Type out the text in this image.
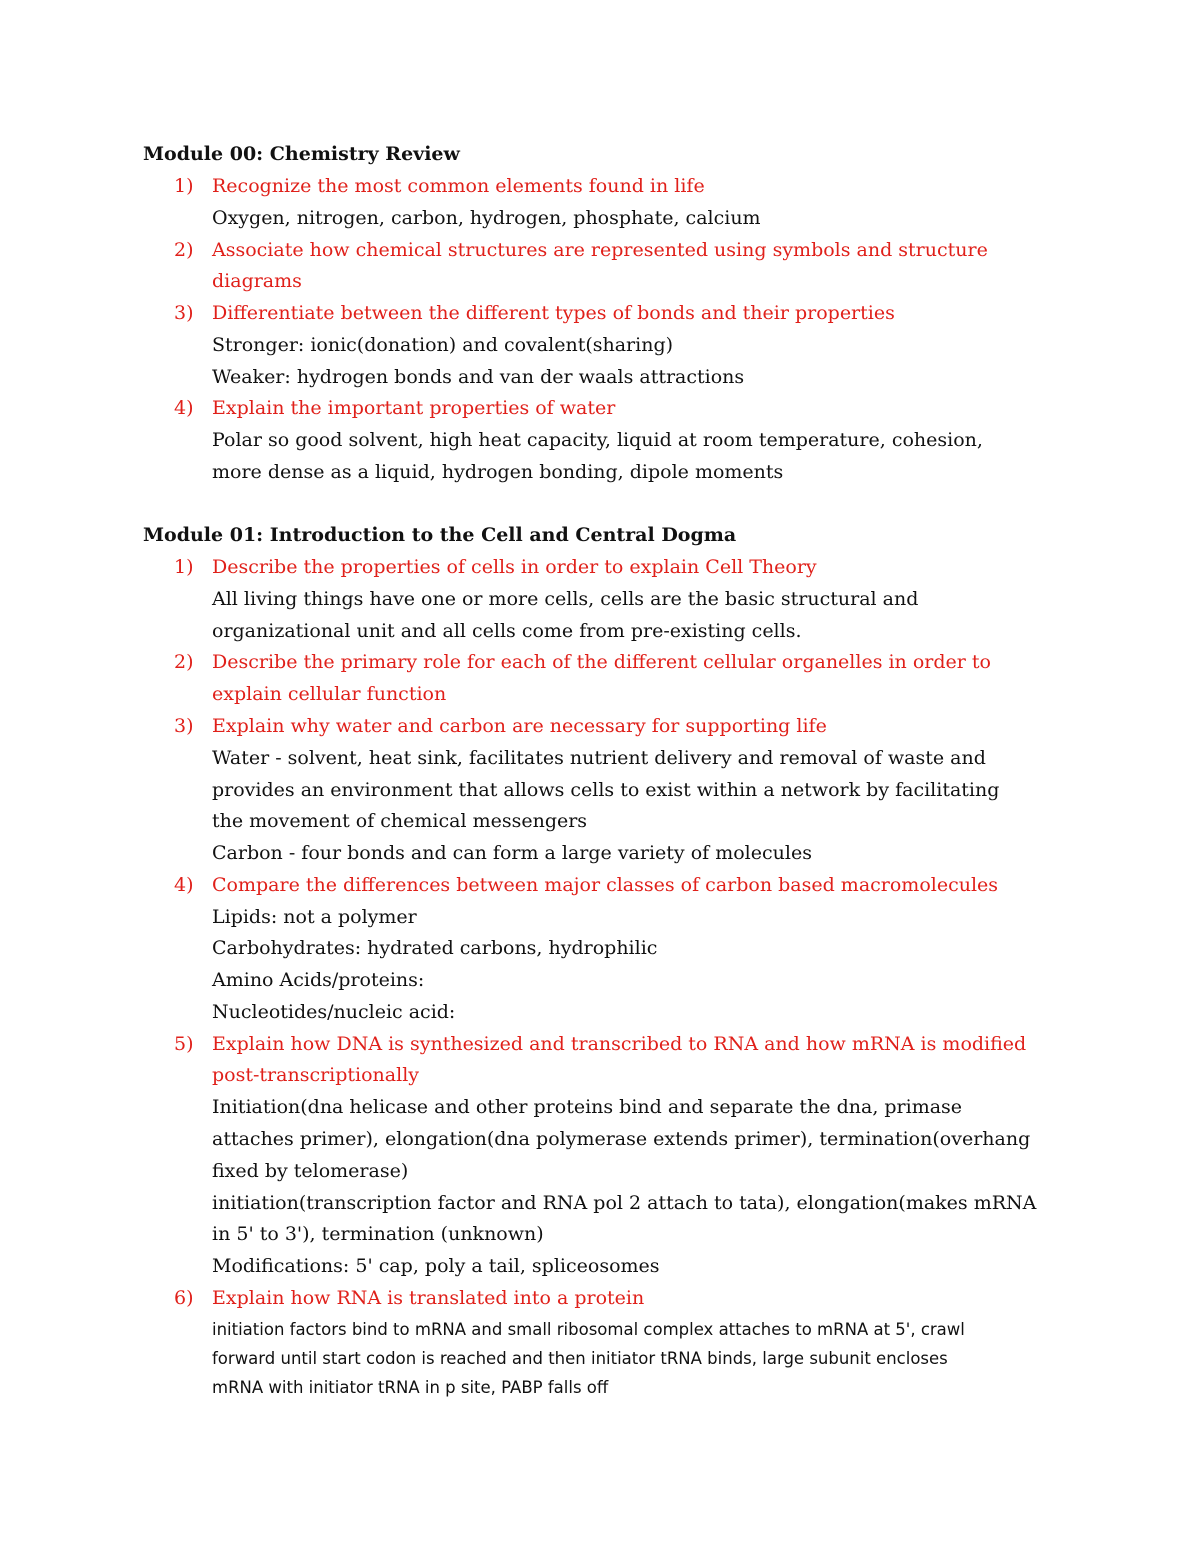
Module 00: Chemistry Review
1) Recognize the most common elements found in life
Oxygen, nitrogen, carbon, hydrogen, phosphate, calcium
2) Associate how chemical structures are represented using symbols and structure
diagrams
3) Differentiate between the different types of bonds and their properties
Stronger: ionic(donation) and covalent(sharing)
Weaker: hydrogen bonds and van der waals attractions
4) Explain the important properties of water
Polar so good solvent, high heat capacity, liquid at room temperature, cohesion,
more dense as a liquid, hydrogen bonding, dipole moments
Module 01: Introduction to the Cell and Central Dogma
1) Describe the properties of cells in order to explain Cell Theory
All living things have one or more cells, cells are the basic structural and
organizational unit and all cells come from pre-existing cells.
2) Describe the primary role for each of the different cellular organelles in order to
explain cellular function
3) Explain why water and carbon are necessary for supporting life
Water - solvent, heat sink, facilitates nutrient delivery and removal of waste and
provides an environment that allows cells to exist within a network by facilitating
the movement of chemical messengers
Carbon - four bonds and can form a large variety of molecules
4) Compare the differences between major classes of carbon based macromolecules
Lipids: not a polymer
Carbohydrates: hydrated carbons, hydrophilic
Amino Acids/proteins:
Nucleotides/nucleic acid:
5) Explain how DNA is synthesized and transcribed to RNA and how mRNA is modified
post-transcriptionally
Initiation(dna helicase and other proteins bind and separate the dna, primase
attaches primer), elongation(dna polymerase extends primer), termination(overhang
fixed by telomerase)
initiation(transcription factor and RNA pol 2 attach to tata), elongation(makes mRNA
in 5' to 3'), termination (unknown)
Modifications: 5' cap, poly a tail, spliceosomes
6) Explain how RNA is translated into a protein
initiation factors bind to mRNA and small ribosomal complex attaches to mRNA at 5', crawl
forward until start codon is reached and then initiator tRNA binds, large subunit encloses
mRNA with initiator tRNA in p site, PABP falls off
